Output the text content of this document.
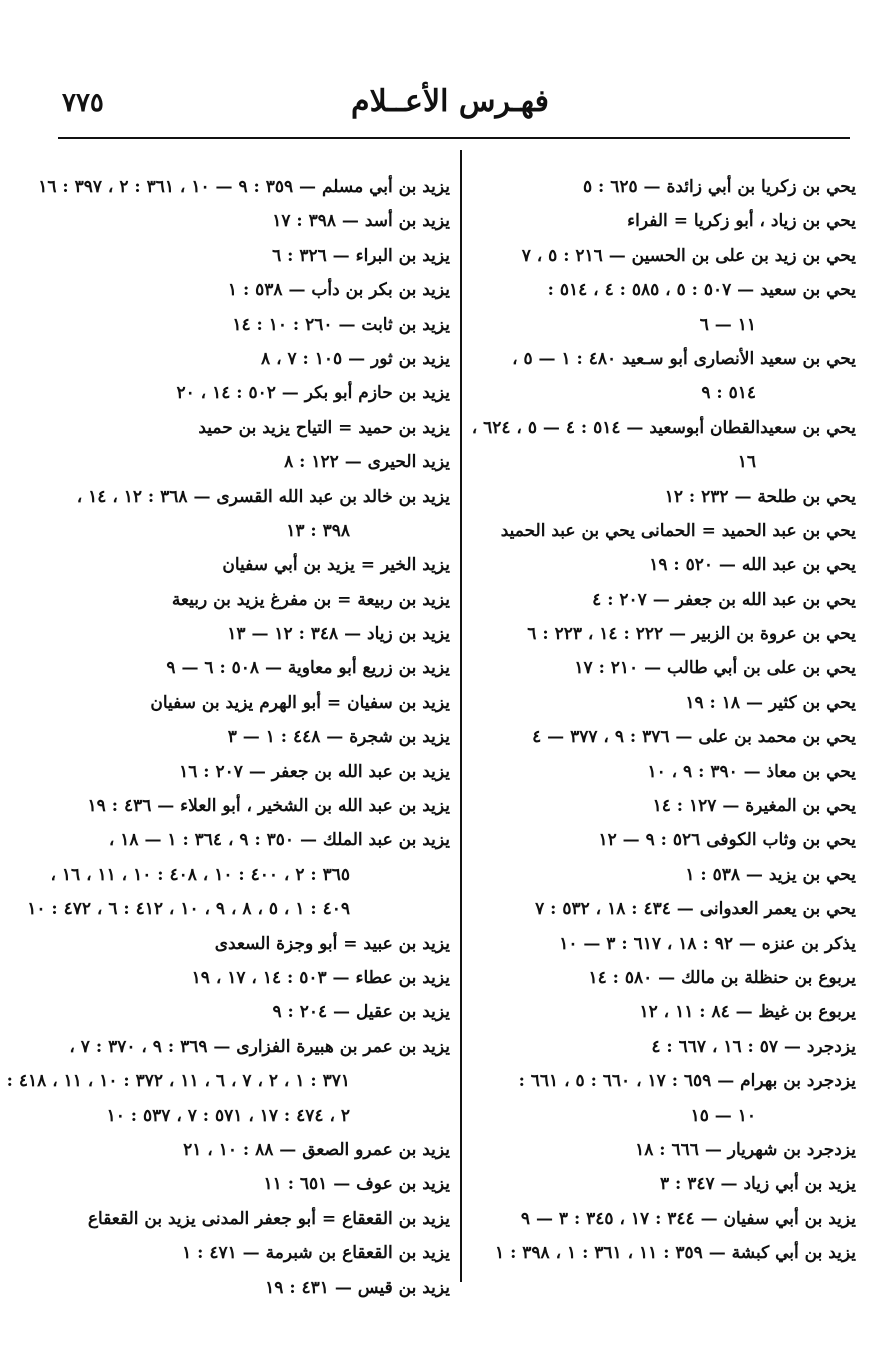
٧٧٥	فهـرس الأعــلام
يحي بن زكريا بن أبي زائدة — ٦٢٥ : ٥
يحي بن زياد ، أبو زكريا = الفراء
يحي بن زيد بن على بن الحسين — ٢١٦ : ٥ ، ٧
يحي بن سعيد — ٥٠٧ : ٥ ، ٥٨٥ : ٤ ، ٥١٤ :
١١ — ٦
يحي بن سعيد الأنصارى أبو سـعيد ٤٨٠ : ١ — ٥ ،
٥١٤ : ٩
يحي بن سعيدالقطان أبوسعيد — ٥١٤ : ٤ — ٥ ، ٦٢٤ ،
١٦
يحي بن طلحة — ٢٣٢ : ١٢
يحي بن عبد الحميد = الحمانى يحي بن عبد الحميد
يحي بن عبد الله — ٥٢٠ : ١٩
يحي بن عبد الله بن جعفر — ٢٠٧ : ٤
يحي بن عروة بن الزبير — ٢٢٢ : ١٤ ، ٢٢٣ : ٦
يحي بن على بن أبي طالب — ٢١٠ : ١٧
يحي بن كثير — ١٨ : ١٩
يحي بن محمد بن على — ٣٧٦ : ٩ ، ٣٧٧ — ٤
يحي بن معاذ — ٣٩٠ : ٩ ، ١٠
يحي بن المغيرة — ١٢٧ : ١٤
يحي بن وثاب الكوفى ٥٢٦ : ٩ — ١٢
يحي بن يزيد — ٥٣٨ : ١
يحي بن يعمر العدوانى — ٤٣٤ : ١٨ ، ٥٣٢ : ٧
يذكر بن عنزه — ٩٢ : ١٨ ، ٦١٧ : ٣ — ١٠
يربوع بن حنظلة بن مالك — ٥٨٠ : ١٤
يربوع بن غيظ — ٨٤ : ١١ ، ١٢
يزدجرد — ٥٧ : ١٦ ، ٦٦٧ : ٤
يزدجرد بن بهرام — ٦٥٩ : ١٧ ، ٦٦٠ : ٥ ، ٦٦١ :
١٠ — ١٥
يزدجرد بن شهريار — ٦٦٦ : ١٨
يزيد بن أبي زياد — ٣٤٧ : ٣
يزيد بن أبي سفيان — ٣٤٤ : ١٧ ، ٣٤٥ : ٣ — ٩
يزيد بن أبي كبشة — ٣٥٩ : ١١ ، ٣٦١ : ١ ، ٣٩٨ : ١
يزيد بن أبي مسلم — ٣٥٩ : ٩ — ١٠ ، ٣٦١ : ٢ ، ٣٩٧ : ١٦
يزيد بن أسد — ٣٩٨ : ١٧
يزيد بن البراء — ٣٢٦ : ٦
يزيد بن بكر بن دأب — ٥٣٨ : ١
يزيد بن ثابت — ٢٦٠ : ١٠ : ١٤
يزيد بن ثور — ١٠٥ : ٧ ، ٨
يزيد بن حازم أبو بكر — ٥٠٢ : ١٤ ، ٢٠
يزيد بن حميد = التياح يزيد بن حميد
يزيد الحيرى — ١٢٢ : ٨
يزيد بن خالد بن عبد الله القسرى — ٣٦٨ : ١٢ ، ١٤ ،
٣٩٨ : ١٣
يزيد الخير = يزيد بن أبي سفيان
يزيد بن ربيعة = بن مفرغ يزيد بن ربيعة
يزيد بن زياد — ٣٤٨ : ١٢ — ١٣
يزيد بن زريع أبو معاوية — ٥٠٨ : ٦ — ٩
يزيد بن سفيان = أبو الهرم يزيد بن سفيان
يزيد بن شجرة — ٤٤٨ : ١ — ٣
يزيد بن عبد الله بن جعفر — ٢٠٧ : ١٦
يزيد بن عبد الله بن الشخير ، أبو العلاء — ٤٣٦ : ١٩
يزيد بن عبد الملك — ٣٥٠ : ٩ ، ٣٦٤ : ١ — ١٨ ،
٣٦٥ : ٢ ، ٤٠٠ : ١٠ ، ٤٠٨ : ١٠ ، ١١ ، ١٦ ،
٤٠٩ : ١ ، ٥ ، ٨ ، ٩ ، ١٠ ، ٤١٢ : ٦ ، ٤٧٢ : ١٠
يزيد بن عبيد = أبو وجزة السعدى
يزيد بن عطاء — ٥٠٣ : ١٤ ، ١٧ ، ١٩
يزيد بن عقيل — ٢٠٤ : ٩
يزيد بن عمر بن هبيرة الفزارى — ٣٦٩ : ٩ ، ٣٧٠ : ٧ ،
٣٧١ : ١ ، ٢ ، ٧ ، ٦ ، ١١ ، ٣٧٢ : ١٠ ، ١١ ، ٤١٨ :
٢ ، ٤٧٤ : ١٧ ، ٥٧١ : ٧ ، ٥٣٧ : ١٠
يزيد بن عمرو الصعق — ٨٨ : ١٠ ، ٢١
يزيد بن عوف — ٦٥١ : ١١
يزيد بن القعقاع = أبو جعفر المدنى يزيد بن القعقاع
يزيد بن القعقاع بن شبرمة — ٤٧١ : ١
يزيد بن قيس — ٤٣١ : ١٩
